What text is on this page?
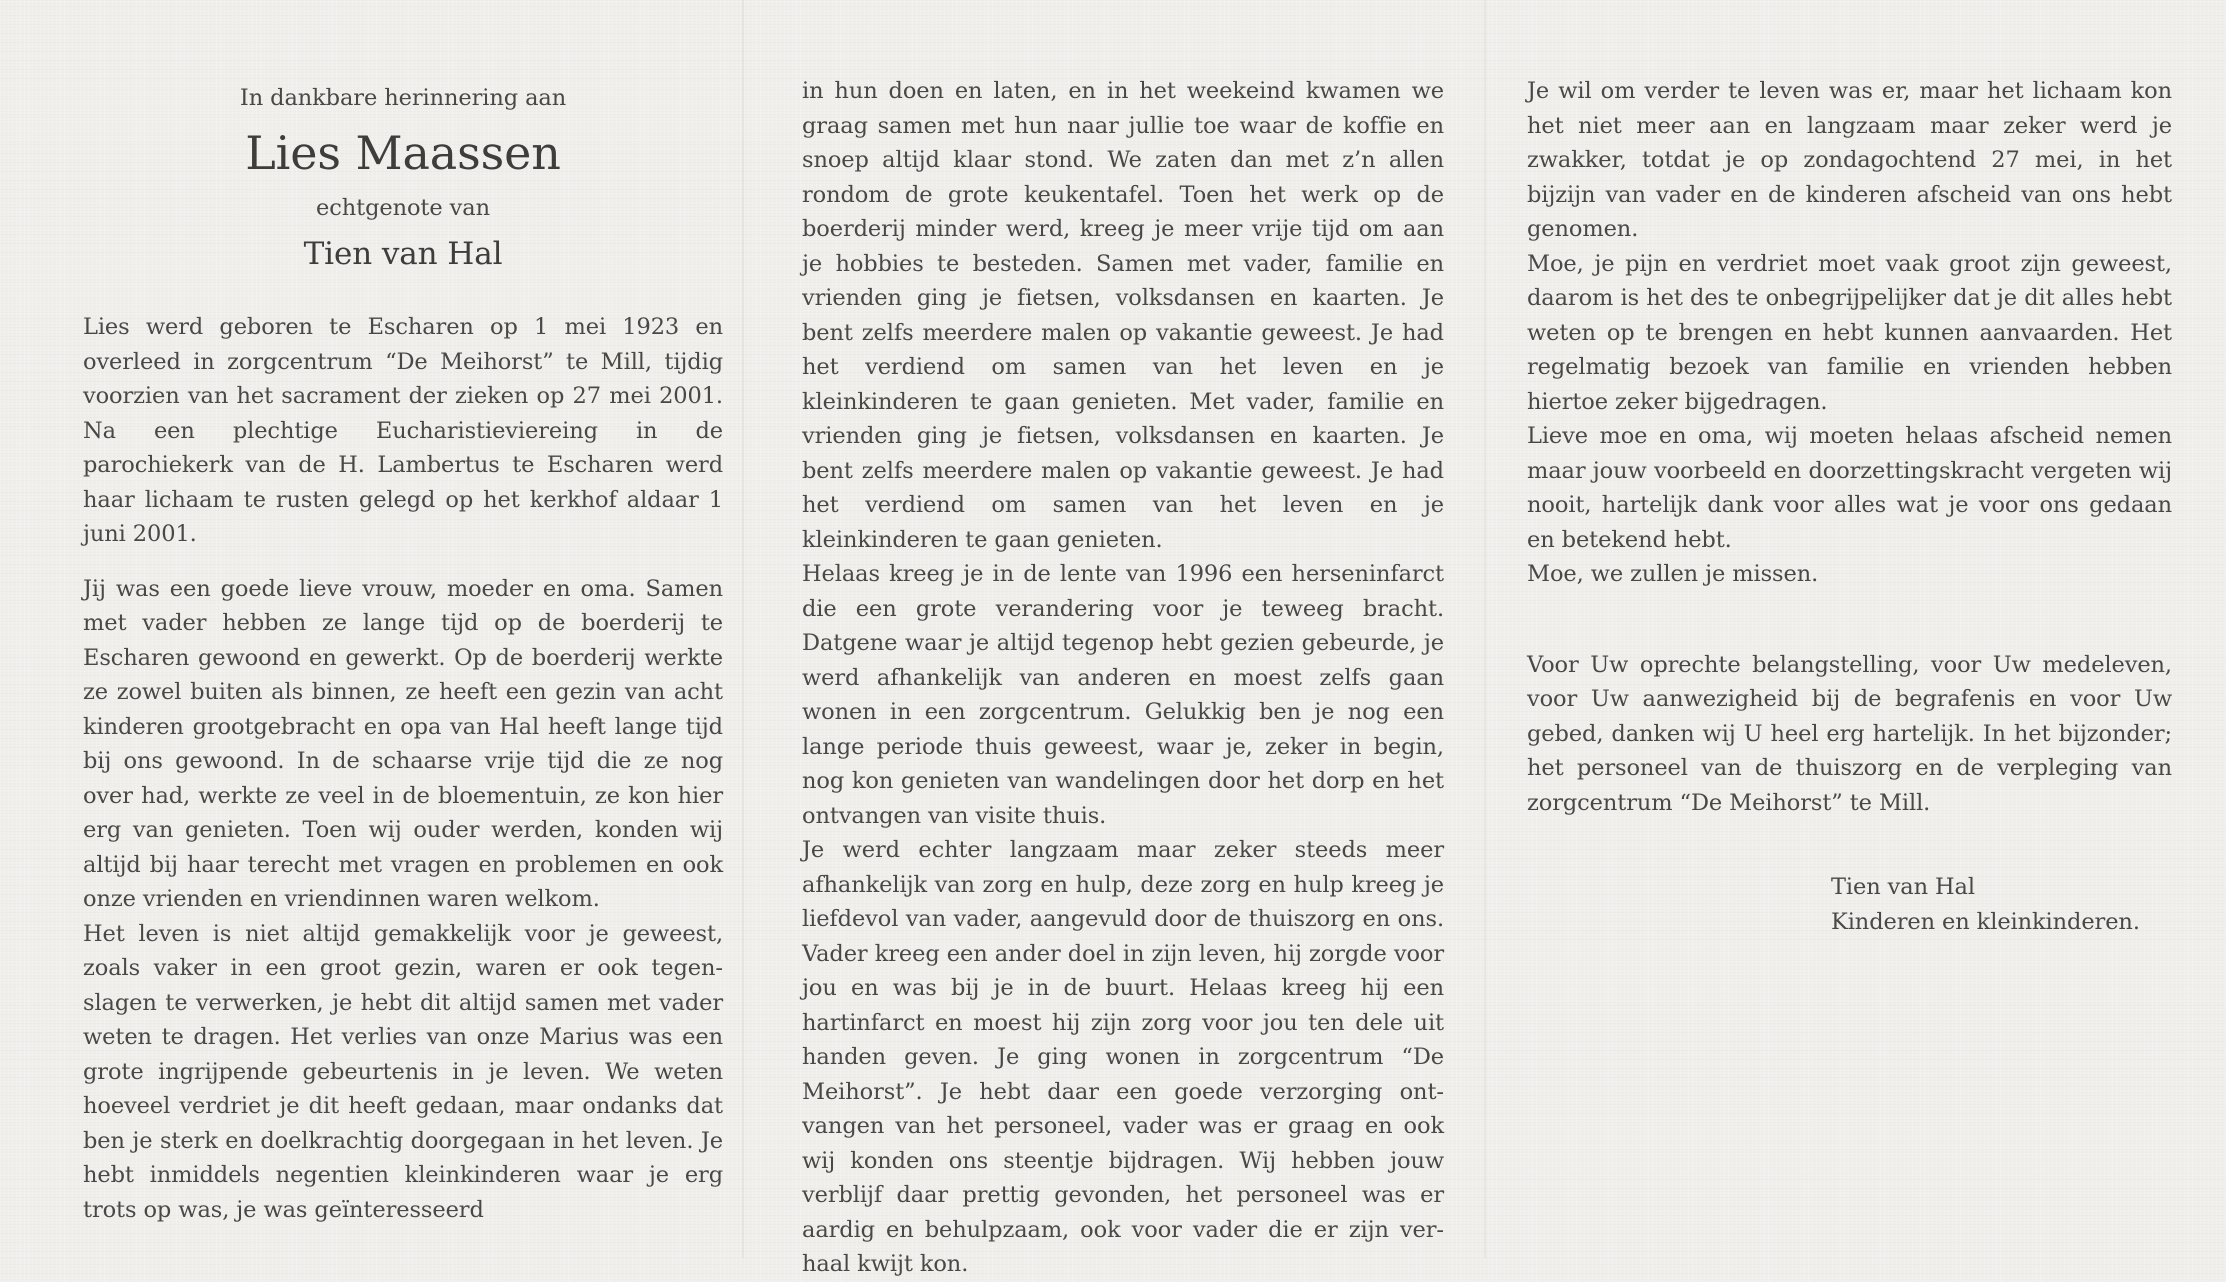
In dankbare herinnering aan
Lies Maassen
echtgenote van
Tien van Hal

Lies werd geboren te Escharen op 1 mei 1923 en overleed in zorgcentrum “De Meihorst” te Mill, tijdig voorzien van het sacrament der zieken op 27 mei 2001. Na een plechtige Eucharistieviereing in de parochiekerk van de H. Lambertus te Escharen werd haar lichaam te rusten gelegd op het kerkhof aldaar 1 juni 2001.

Jij was een goede lieve vrouw, moeder en oma. Samen met vader hebben ze lange tijd op de boerderij te Escharen gewoond en gewerkt. Op de boerderij werkte ze zowel buiten als binnen, ze heeft een gezin van acht kinderen grootgebracht en opa van Hal heeft lange tijd bij ons gewoond. In de schaarse vrije tijd die ze nog over had, werkte ze veel in de bloementuin, ze kon hier erg van genieten. Toen wij ouder werden, konden wij altijd bij haar terecht met vragen en problemen en ook onze vrienden en vriendinnen waren welkom.

Het leven is niet altijd gemakkelijk voor je geweest, zoals vaker in een groot gezin, waren er ook tegenslagen te verwerken, je hebt dit altijd samen met vader weten te dragen. Het verlies van onze Marius was een grote ingrijpende gebeurtenis in je leven. We weten hoeveel verdriet je dit heeft gedaan, maar ondanks dat ben je sterk en doelkrachtig doorgegaan in het leven. Je hebt inmiddels negentien kleinkinderen waar je erg trots op was, je was geïnteresseerd

in hun doen en laten, en in het weekeind kwamen we graag samen met hun naar jullie toe waar de koffie en snoep altijd klaar stond. We zaten dan met z’n allen rondom de grote keukentafel. Toen het werk op de boerderij minder werd, kreeg je meer vrije tijd om aan je hobbies te besteden. Samen met vader, familie en vrienden ging je fietsen, volksdansen en kaarten. Je bent zelfs meerdere malen op vakantie geweest. Je had het verdiend om samen van het leven en je kleinkinderen te gaan genieten. Met vader, familie en vrienden ging je fietsen, volksdansen en kaarten. Je bent zelfs meerdere malen op vakantie geweest. Je had het verdiend om samen van het leven en je kleinkinderen te gaan genieten.

Helaas kreeg je in de lente van 1996 een herseninfarct die een grote verandering voor je teweeg bracht. Datgene waar je altijd tegenop hebt gezien gebeurde, je werd afhankelijk van anderen en moest zelfs gaan wonen in een zorgcentrum. Gelukkig ben je nog een lange periode thuis geweest, waar je, zeker in begin, nog kon genieten van wandelingen door het dorp en het ontvangen van visite thuis.

Je werd echter langzaam maar zeker steeds meer afhankelijk van zorg en hulp, deze zorg en hulp kreeg je liefdevol van vader, aangevuld door de thuiszorg en ons. Vader kreeg een ander doel in zijn leven, hij zorgde voor jou en was bij je in de buurt. Helaas kreeg hij een hartinfarct en moest hij zijn zorg voor jou ten dele uit handen geven. Je ging wonen in zorgcentrum “De Meihorst”. Je hebt daar een goede verzorging ontvangen van het personeel, vader was er graag en ook wij konden ons steentje bijdragen. Wij hebben jouw verblijf daar prettig gevonden, het personeel was er aardig en behulpzaam, ook voor vader die er zijn verhaal kwijt kon.

Je wil om verder te leven was er, maar het lichaam kon het niet meer aan en langzaam maar zeker werd je zwakker, totdat je op zondagochtend 27 mei, in het bijzijn van vader en de kinderen afscheid van ons hebt genomen.

Moe, je pijn en verdriet moet vaak groot zijn geweest, daarom is het des te onbegrijpelijker dat je dit alles hebt weten op te brengen en hebt kunnen aanvaarden. Het regelmatig bezoek van familie en vrienden hebben hiertoe zeker bijgedragen.

Lieve moe en oma, wij moeten helaas afscheid nemen maar jouw voorbeeld en doorzettingskracht vergeten wij nooit, hartelijk dank voor alles wat je voor ons gedaan en betekend hebt.

Moe, we zullen je missen.

Voor Uw oprechte belangstelling, voor Uw medeleven, voor Uw aanwezigheid bij de begrafenis en voor Uw gebed, danken wij U heel erg hartelijk. In het bijzonder; het personeel van de thuiszorg en de verpleging van zorgcentrum “De Meihorst” te Mill.

Tien van Hal
Kinderen en kleinkinderen.
